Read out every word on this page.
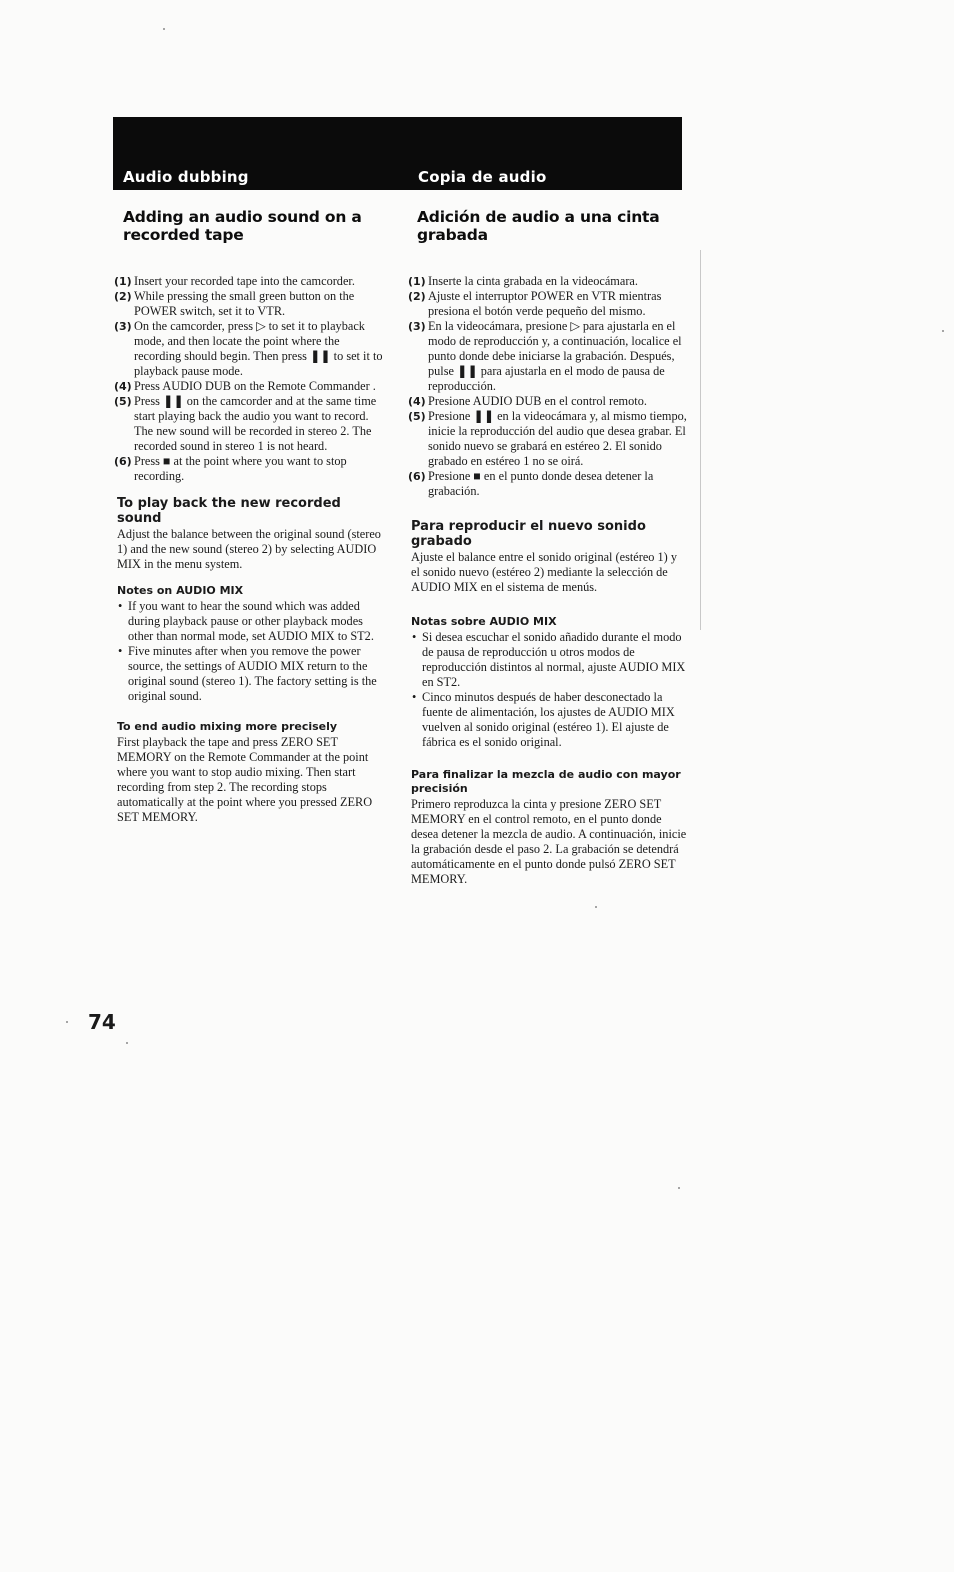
Audio dubbing	Copia de audio
Adding an audio sound on a recorded tape
(1) Insert your recorded tape into the camcorder.
(2) While pressing the small green button on the POWER switch, set it to VTR.
(3) On the camcorder, press ▷ to set it to playback mode, and then locate the point where the recording should begin. Then press ❚❚ to set it to playback pause mode.
(4) Press AUDIO DUB on the Remote Commander .
(5) Press ❚❚ on the camcorder and at the same time start playing back the audio you want to record. The new sound will be recorded in stereo 2. The recorded sound in stereo 1 is not heard.
(6) Press ■ at the point where you want to stop recording.
To play back the new recorded sound

Adjust the balance between the original sound (stereo 1) and the new sound (stereo 2) by selecting AUDIO MIX in the menu system.

Notes on AUDIO MIX
• If you want to hear the sound which was added during playback pause or other playback modes other than normal mode, set AUDIO MIX to ST2.
• Five minutes after when you remove the power source, the settings of AUDIO MIX return to the original sound (stereo 1). The factory setting is the original sound.
To end audio mixing more precisely

First playback the tape and press ZERO SET MEMORY on the Remote Commander at the point where you want to stop audio mixing. Then start recording from step 2. The recording stops automatically at the point where you pressed ZERO SET MEMORY.

Adición de audio a una cinta grabada
(1) Inserte la cinta grabada en la videocámara.
(2) Ajuste el interruptor POWER en VTR mientras presiona el botón verde pequeño del mismo.
(3) En la videocámara, presione ▷ para ajustarla en el modo de reproducción y, a continuación, localice el punto donde debe iniciarse la grabación. Después, pulse ❚❚ para ajustarla en el modo de pausa de reproducción.
(4) Presione AUDIO DUB en el control remoto.
(5) Presione ❚❚ en la videocámara y, al mismo tiempo, inicie la reproducción del audio que desea grabar. El sonido nuevo se grabará en estéreo 2. El sonido grabado en estéreo 1 no se oirá.
(6) Presione ■ en el punto donde desea detener la grabación.
Para reproducir el nuevo sonido grabado

Ajuste el balance entre el sonido original (estéreo 1) y el sonido nuevo (estéreo 2) mediante la selección de AUDIO MIX en el sistema de menús.

Notas sobre AUDIO MIX
• Si desea escuchar el sonido añadido durante el modo de pausa de reproducción u otros modos de reproducción distintos al normal, ajuste AUDIO MIX en ST2.
• Cinco minutos después de haber desconectado la fuente de alimentación, los ajustes de AUDIO MIX vuelven al sonido original (estéreo 1). El ajuste de fábrica es el sonido original.
Para finalizar la mezcla de audio con mayor precisión

Primero reproduzca la cinta y presione ZERO SET MEMORY en el control remoto, en el punto donde desea detener la mezcla de audio. A continuación, inicie la grabación desde el paso 2. La grabación se detendrá automáticamente en el punto donde pulsó ZERO SET MEMORY.

74
